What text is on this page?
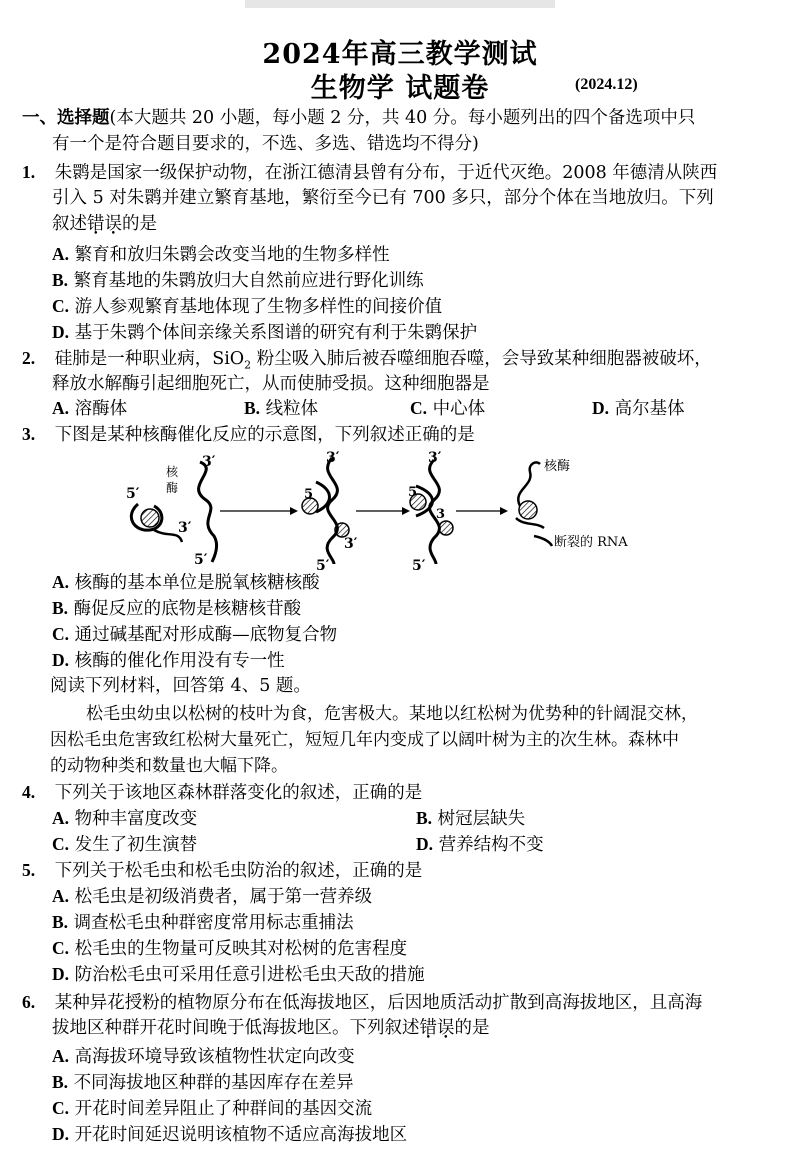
2024年高三教学测试
生物学 试题卷	(2024.12)
一、选择题(本大题共 20 小题，每小题 2 分，共 40 分。每小题列出的四个备选项中只
有一个是符合题目要求的，不选、多选、错选均不得分)
1. 朱鹮是国家一级保护动物，在浙江德清县曾有分布，于近代灭绝。2008 年德清从陕西
引入 5 对朱鹮并建立繁育基地，繁衍至今已有 700 多只，部分个体在当地放归。下列
叙述错误的是
A. 繁育和放归朱鹮会改变当地的生物多样性
B. 繁育基地的朱鹮放归大自然前应进行野化训练
C. 游人参观繁育基地体现了生物多样性的间接价值
D. 基于朱鹮个体间亲缘关系图谱的研究有利于朱鹮保护
2. 硅肺是一种职业病，SiO$_2$ 粉尘吸入肺后被吞噬细胞吞噬，会导致某种细胞器被破坏，
释放水解酶引起细胞死亡，从而使肺受损。这种细胞器是
A. 溶酶体	B. 线粒体	C. 中心体	D. 高尔基体
3. 下图是某种核酶催化反应的示意图，下列叙述正确的是
5′
核
酶
3′
3′
5′
3′
5
3′
5′
3′
5
3
5′
核酶
断裂的 RNA
A. 核酶的基本单位是脱氧核糖核酸
B. 酶促反应的底物是核糖核苷酸
C. 通过碱基配对形成酶—底物复合物
D. 核酶的催化作用没有专一性
阅读下列材料，回答第 4、5 题。
松毛虫幼虫以松树的枝叶为食，危害极大。某地以红松树为优势种的针阔混交林，
因松毛虫危害致红松树大量死亡，短短几年内变成了以阔叶树为主的次生林。森林中
的动物种类和数量也大幅下降。
4. 下列关于该地区森林群落变化的叙述，正确的是
A. 物种丰富度改变	B. 树冠层缺失
C. 发生了初生演替	D. 营养结构不变
5. 下列关于松毛虫和松毛虫防治的叙述，正确的是
A. 松毛虫是初级消费者，属于第一营养级
B. 调查松毛虫种群密度常用标志重捕法
C. 松毛虫的生物量可反映其对松树的危害程度
D. 防治松毛虫可采用任意引进松毛虫天敌的措施
6. 某种异花授粉的植物原分布在低海拔地区，后因地质活动扩散到高海拔地区，且高海
拔地区种群开花时间晚于低海拔地区。下列叙述错误的是
A. 高海拔环境导致该植物性状定向改变
B. 不同海拔地区种群的基因库存在差异
C. 开花时间差异阻止了种群间的基因交流
D. 开花时间延迟说明该植物不适应高海拔地区
